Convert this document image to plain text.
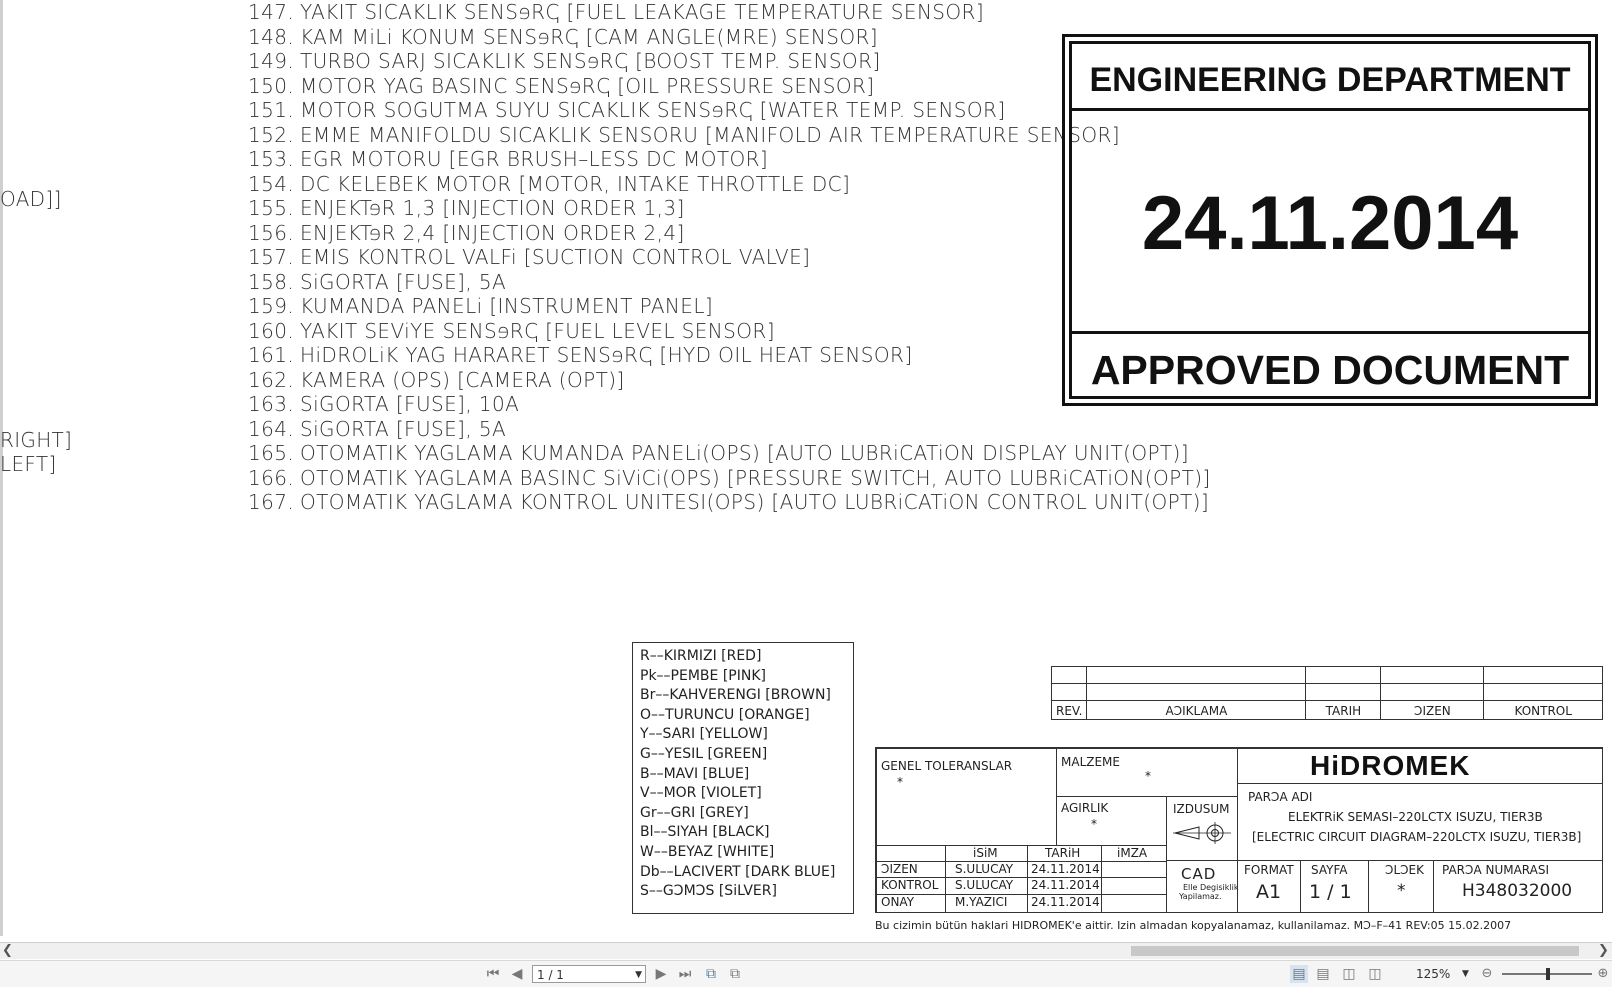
OAD]]
RIGHT]
LEFT]
147. YAKIT SICAKLIK SENSɘRↅ [FUEL LEAKAGE TEMPERATURE SENSOR]
148. KAM MiLi KONUM SENSɘRↅ [CAM ANGLE(MRE) SENSOR]
149. TURBO SARJ SICAKLIK SENSɘRↅ [BOOST TEMP. SENSOR]
150. MOTOR YAG BASINC SENSɘRↅ [OIL PRESSURE SENSOR]
151. MOTOR SOGUTMA SUYU SICAKLIK SENSɘRↅ [WATER TEMP. SENSOR]
152. EMME MANIFOLDU SICAKLIK SENSORU [MANIFOLD AIR TEMPERATURE SENSOR]
153. EGR MOTORU [EGR BRUSH–LESS DC MOTOR]
154. DC KELEBEK MOTOR [MOTOR, INTAKE THROTTLE DC]
155. ENJEKTɘR 1,3 [INJECTION ORDER 1,3]
156. ENJEKTɘR 2,4 [INJECTION ORDER 2,4]
157. EMIS KONTROL VALFi [SUCTION CONTROL VALVE]
158. SiGORTA [FUSE], 5A
159. KUMANDA PANELi [INSTRUMENT PANEL]
160. YAKIT SEViYE SENSɘRↅ [FUEL LEVEL SENSOR]
161. HiDROLiK YAG HARARET SENSɘRↅ [HYD OIL HEAT SENSOR]
162. KAMERA (OPS) [CAMERA (OPT)]
163. SiGORTA [FUSE], 10A
164. SiGORTA [FUSE], 5A
165. OTOMATIK YAGLAMA KUMANDA PANELi(OPS) [AUTO LUBRiCATiON DISPLAY UNIT(OPT)]
166. OTOMATIK YAGLAMA BASINC SiViCi(OPS) [PRESSURE SWITCH, AUTO LUBRiCATiON(OPT)]
167. OTOMATIK YAGLAMA KONTROL UNITESI(OPS) [AUTO LUBRiCATiON CONTROL UNIT(OPT)]
ENGINEERING DEPARTMENT
24.11.2014
APPROVED DOCUMENT
R––KIRMIZI [RED]
Pk––PEMBE [PINK]
Br––KAHVERENGI [BROWN]
O––TURUNCU [ORANGE]
Y––SARI [YELLOW]
G––YESIL [GREEN]
B––MAVI [BLUE]
V––MOR [VIOLET]
Gr––GRI [GREY]
Bl––SIYAH [BLACK]
W––BEYAZ [WHITE]
Db––LACIVERT [DARK BLUE]
S––GƆMƆS [SiLVER]

REV.	AƆIKLAMA	TARIH	ƆIZEN	KONTROL
GENEL TOLERANSLAR
*
MALZEME
*
AGIRLIK
*
IZDUSUM
HiDROMEK
PARƆA ADI
ELEKTRiK SEMASI–220LCTX ISUZU, TIER3B
[ELECTRIC CIRCUIT DIAGRAM–220LCTX ISUZU, TIER3B]
iSiM	TARiH	iMZA
ƆIZEN	S.ULUCAY 24.11.2014
KONTROL S.ULUCAY 24.11.2014
ONAY	M.YAZICI 24.11.2014
CAD
Elle Degisiklik
Yapilamaz.
FORMAT
A1
SAYFA
1 / 1
ƆLƆEK
*
PARƆA NUMARASI
H348032000
Bu cizimin bütün haklari HIDROMEK'e aittir. Izin almadan kopyalanamaz, kullanilamaz. MƆ–F–41 REV:05 15.02.2007
❮	❯
⏮ ◀	1 / 1	▼ ▶ ⏭ ⧉ ⧉	▤ ▤ ◫ ◫	125% ▼ ⊖	⊕
